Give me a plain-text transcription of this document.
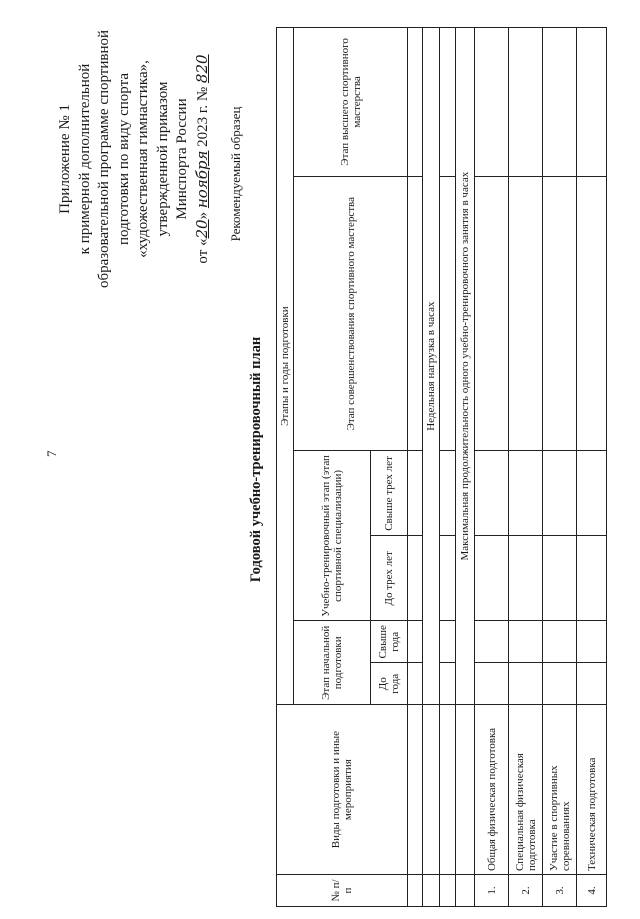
7
Приложение № 1 к примерной дополнительной образовательной программе спортивной подготовки по виду спорта «художественная гимнастика», утвержденной приказом Минспорта России
от «20» ноября 2023 г. № 820
Рекомендуемый образец
Годовой учебно-тренировочный план
№ п/п	Виды подготовки и иные мероприятия	Этапы и годы подготовки					
		Этап начальной подготовки		Учебно-тренировочный этап (этап спортивной специализации)		Этап совершенствования спортивного мастерства	Этап высшего спортивного мастерства
		До года	Свыше года	До трех лет	Свыше трех лет		

		Недельная нагрузка в часах					

		Максимальная продолжительность одного учебно-тренировочного занятия в часах					
1.	Общая физическая подготовка						
2.	Специальная физическая подготовка						
3.	Участие в спортивных соревнованиях						
4.	Техническая подготовка						
